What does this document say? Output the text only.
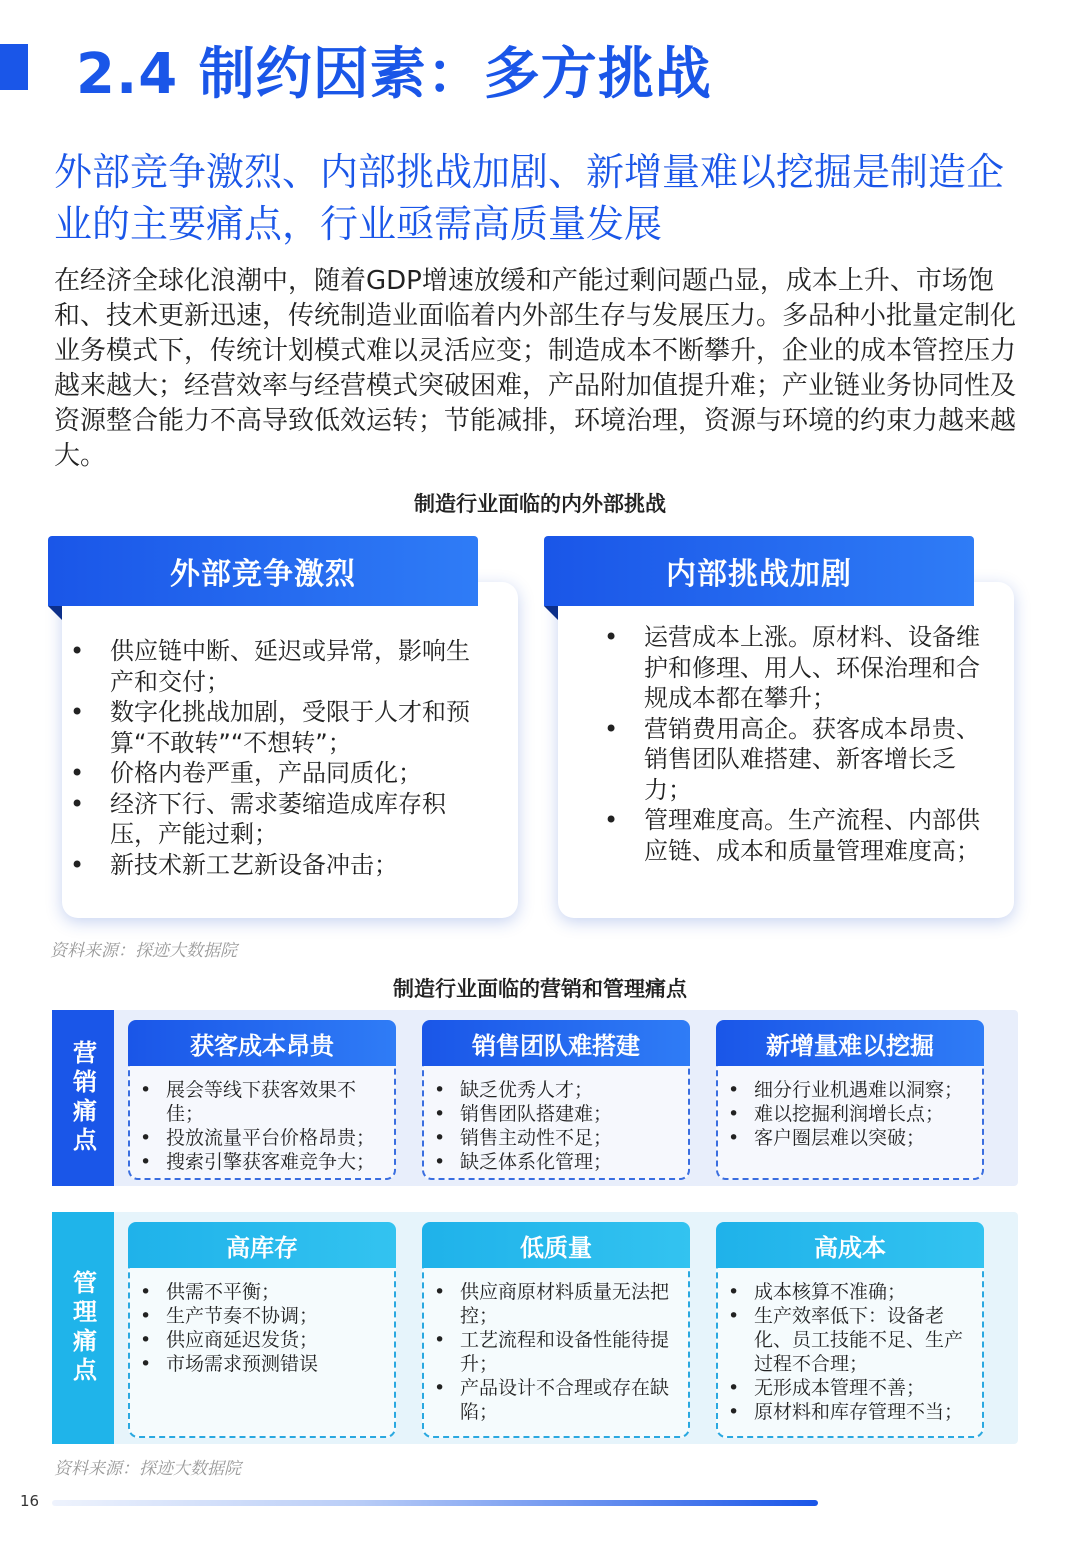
2.4 制约因素：多方挑战
外部竞争激烈、内部挑战加剧、新增量难以挖掘是制造企业的主要痛点，行业亟需高质量发展

在经济全球化浪潮中，随着GDP增速放缓和产能过剩问题凸显，成本上升、市场饱和、技术更新迅速，传统制造业面临着内外部生存与发展压力。多品种小批量定制化业务模式下，传统计划模式难以灵活应变；制造成本不断攀升，企业的成本管控压力越来越大；经营效率与经营模式突破困难，产品附加值提升难；产业链业务协同性及资源整合能力不高导致低效运转；节能减排，环境治理，资源与环境的约束力越来越大。

制造行业面临的内外部挑战
外部竞争激烈
• 供应链中断、延迟或异常，影响生产和交付；
• 数字化挑战加剧，受限于人才和预算“不敢转”“不想转”；
• 价格内卷严重，产品同质化；
• 经济下行、需求萎缩造成库存积压，产能过剩；
• 新技术新工艺新设备冲击；
内部挑战加剧
• 运营成本上涨。原材料、设备维护和修理、用人、环保治理和合规成本都在攀升；
• 营销费用高企。获客成本昂贵、销售团队难搭建、新客增长乏力；
• 管理难度高。生产流程、内部供应链、成本和质量管理难度高；
资料来源：探迹大数据院
制造行业面临的营销和管理痛点
营销痛点	获客成本昂贵
• 展会等线下获客效果不佳；
• 投放流量平台价格昂贵；
• 搜索引擎获客难竞争大；
销售团队难搭建
• 缺乏优秀人才；
• 销售团队搭建难；
• 销售主动性不足；
• 缺乏体系化管理；
新增量难以挖掘
• 细分行业机遇难以洞察；
• 难以挖掘利润增长点；
• 客户圈层难以突破；
管理痛点
高库存
• 供需不平衡；
• 生产节奏不协调；
• 供应商延迟发货；
• 市场需求预测错误
低质量
• 供应商原材料质量无法把控；
• 工艺流程和设备性能待提升；
• 产品设计不合理或存在缺陷；
高成本
• 成本核算不准确；
• 生产效率低下：设备老化、员工技能不足、生产过程不合理；
• 无形成本管理不善；
• 原材料和库存管理不当；
资料来源：探迹大数据院
16
